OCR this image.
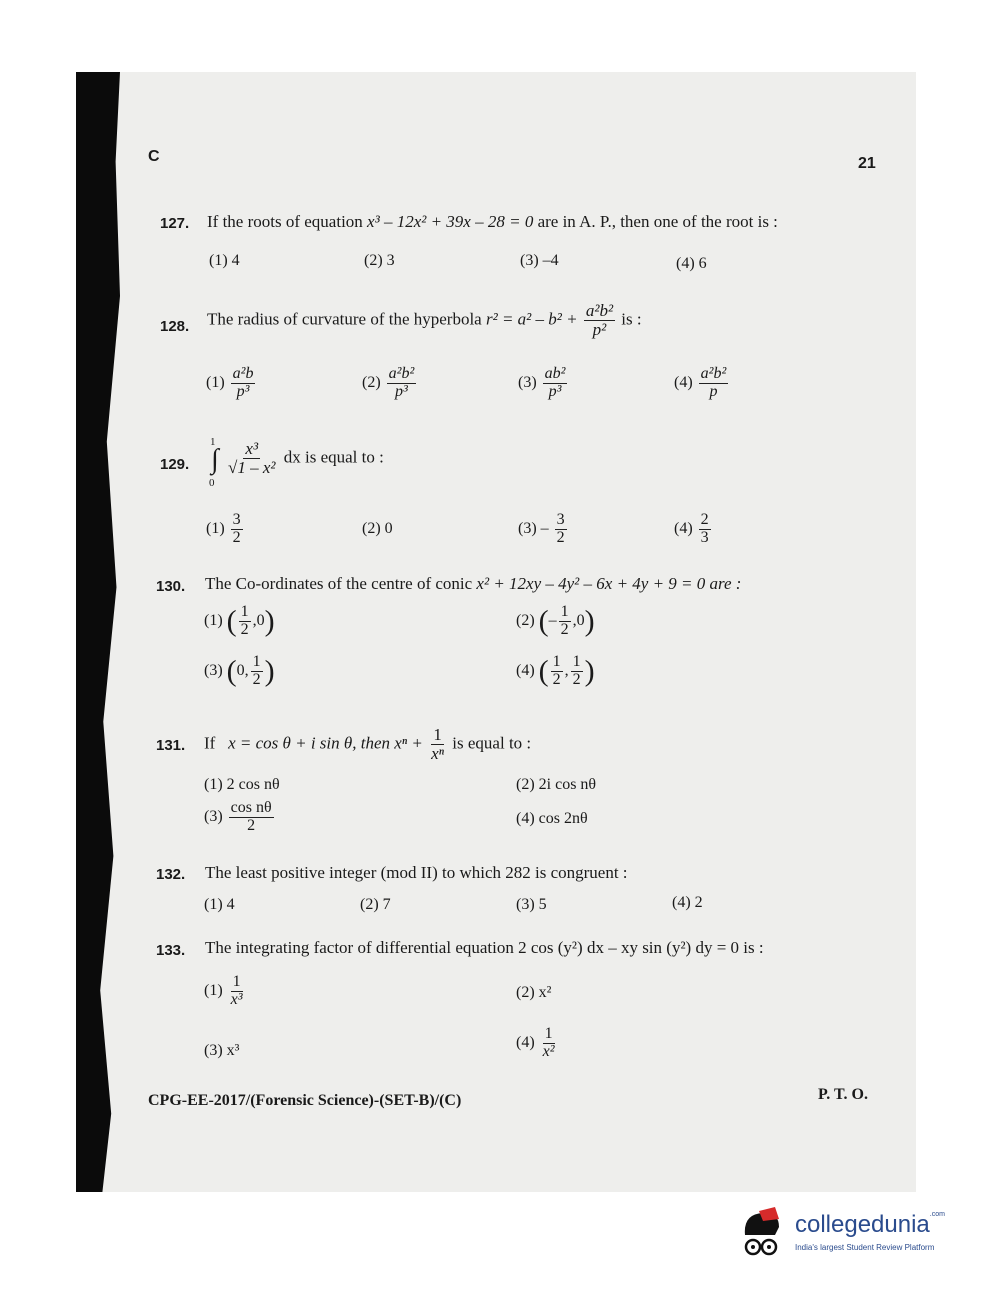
C	21
127. If the roots of equation x³ – 12x² + 39x – 28 = 0 are in A. P., then one of the root is :
(1) 4	(2) 3	(3) –4	(4) 6
128. The radius of curvature of the hyperbola $r^2 = a^2 - b^2 + \frac{\text{a²b²}}{\text{p²}}$ is :
$(1) \frac{\text{a²b}}{\text{p³}}$	$(2) \frac{\text{a²b²}}{\text{p³}}$	$(3) \frac{\text{ab²}}{\text{p³}}$	$(4) \frac{\text{a²b²}}{p}$
129.
1
0
∫ $\frac{\text{x³}}{\text{√1 – x²}}$ dx is equal to :
$(1) \frac{3}{2}$	(2) 0	$(3) - \frac{3}{2}$	$(4) \frac{2}{3}$
130. The Co-ordinates of the centre of conic x² + 12xy – 4y² – 6x + 4y + 9 = 0 are :
(1) ( $\frac{1}{2} ,0$)	(2) (– $\frac{1}{2} ,0$)
(3) (0, $\frac{1}{2}$ )	(4) ( $\frac{1}{2}$ , $\frac{1}{2}$ )
131. If x = cos θ + i sin θ, then $x^n + \frac{1}{\text{xⁿ}}$ is equal to :
(1) 2 cos nθ	(2) 2i cos nθ
$(3) \frac{\text{cos nθ}}{2}$	(4) cos 2nθ
132. The least positive integer (mod II) to which 282 is congruent :
(1) 4	(2) 7	(3) 5	(4) 2
133. The integrating factor of differential equation 2 cos (y²) dx – xy sin (y²) dy = 0 is :
$(1) \frac{1}{\text{x³}}$	(2) x²
(3) x³	$(4) \frac{1}{\text{x²}}$
CPG-EE-2017/(Forensic Science)-(SET-B)/(C)	P. T. O.
collegedunia$^{.com}$
India's largest Student Review Platform
